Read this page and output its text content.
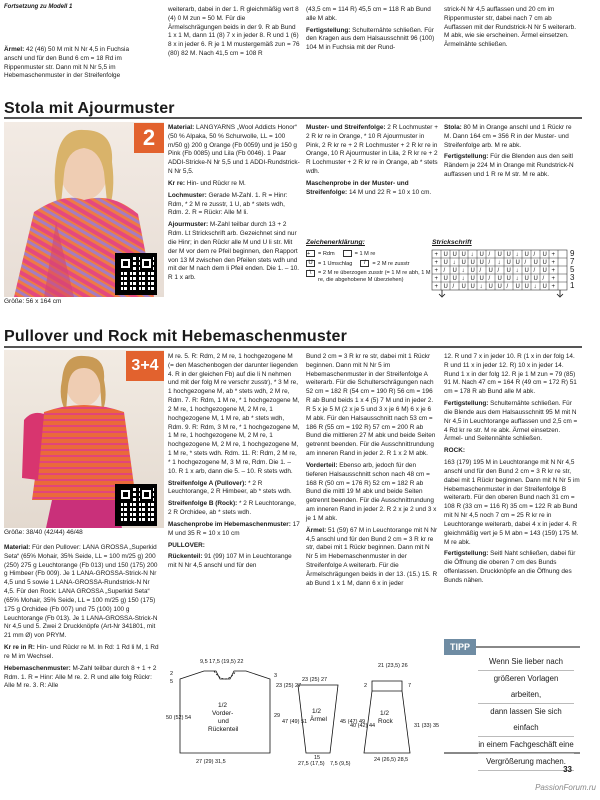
Fortsetzung zu Modell 1
Ärmel: 42 (46) 50 M mit N Nr 4,5 in Fuchsia anschl und für den Bund 6 cm = 18 Rd im Rippenmuster str. Dann mit N Nr 5,5 im Hebemaschenmuster in der Streifenfolge
weiterarb, dabei in der 1. R gleichmäßig vert 8 (4) 0 M zun = 50 M. Für die Ärmelschrägungen beids in der 9. R ab Bund 1 x 1 M, dann 11 (8) 7 x in jeder 8. R und 1 (6) 8 x in jeder 6. R je 1 M mustergemäß zun = 76 (80) 82 M. Nach 41,5 cm = 108 R
(43,5 cm = 114 R) 45,5 cm = 118 R ab Bund alle M abk.
Fertigstellung: Schulternähte schließen. Für den Kragen aus dem Halsausschnitt 96 (100) 104 M in Fuchsia mit der Rund-
strick-N Nr 4,5 auffassen und 20 cm im Rippenmuster str, dabei nach 7 cm ab Auffassen mit der Rundstrick-N Nr 5 weiterarb. M abk, wie sie erscheinen. Ärmel einsetzen. Ärmelnähte schließen.
Stola mit Ajourmuster
2
Größe: 56 x 164 cm
Material: LANGYARNS „Wool Addicts Honor“ (50 % Alpaka, 50 % Schurwolle, LL = 100 m/50 g) 200 g Orange (Fb 0059) und je 150 g Pink (Fb 0085) und Lila (Fb 0046). 1 Paar ADDI-Stricke-N Nr 5,5 und 1 ADDI-Rundstrick-N Nr 5,5.
Kr re: Hin- und Rückr re M.
Lochmuster: Gerade M-Zahl. 1. R = Hinr: Rdm, * 2 M re zusstr, 1 U, ab * stets wdh, Rdm. 2. R = Rückr: Alle M li.
Ajourmuster: M-Zahl teilbar durch 13 + 2 Rdm. Lt Strickschrift arb. Gezeichnet sind nur die Hinr; in den Rückr alle M und U li str. Mit der M vor dem re Pfeil beginnen, den Rapport von 13 M zwischen den Pfeilen stets wdh und mit der M nach dem li Pfeil enden. Die 1. – 10. R 1 x arb.
Muster- und Streifenfolge: 2 R Lochmuster + 2 R kr re in Orange, * 10 R Ajourmuster in Pink, 2 R kr re + 2 R Lochmuster + 2 R kr re in Orange, 10 R Ajourmuster in Lila, 2 R kr re + 2 R Lochmuster + 2 R kr re in Orange, ab * stets wdh.
Maschenprobe in der Muster- und Streifenfolge: 14 M und 22 R = 10 x 10 cm.
Stola: 80 M in Orange anschl und 1 Rückr re M. Dann 164 cm = 356 R in der Muster- und Streifenfolge arb. M re abk.
Fertigstellung: Für die Blenden aus den seitl Rändern je 224 M in Orange mit Rundstrick-N auffassen und 1 R re M str. M re abk.
Zeichenerklärung:
+ = Rdm	= 1 M re
U = 1 Umschlag	/ = 2 M re zusstr
\	= 2 M re überzogen zusstr (= 1 M re abh, 1 M re, die abgehobene M überziehen)
Strickschrift
+ U U U ↓ U / U U ↓ U / U +
+ U ↓ U U U / ↓ U U / U U +
+ / U ↓ U / U / U ↓ U / U +
+ U U ↓ U U / U U ↓ U U / +
+ U / U U ↓ U U / U U ↓ U +
9
7
5
3
1
Pullover und Rock mit Hebemaschenmuster
3+4
Größe: 38/40 (42/44) 46/48
Material: Für den Pullover: LANA GROSSA „Superkid Seta“ (65% Mohair, 35% Seide, LL = 100 m/25 g) 200 (250) 275 g Leuchtorange (Fb 013) und 150 (175) 200 g Himbeer (Fb 009). Je 1 LANA-GROSSA-Strick-N Nr 4,5 und 5 sowie 1 LANA-GROSSA-Rundstrick-N Nr 4,5. Für den Rock: LANA GROSSA „Superkid Seta“ (65% Mohair, 35% Seide, LL = 100 m/25 g) 150 (175) 175 g Orchidee (Fb 007) und 75 (100) 100 g Leuchtorange (Fb 013). Je 1 LANA-GROSSA-Strick-N Nr 4,5 und 5. Zwei 2 Druckknöpfe (Art-Nr 341801, mit 21 mm Ø) von PRYM.
Kr re in R: Hin- und Rückr re M. In Rd: 1 Rd li M, 1 Rd re M im Wechsel.
Hebemaschenmuster: M-Zahl teilbar durch 8 + 1 + 2 Rdm. 1. R = Hinr: Alle M re. 2. R und alle folg Rückr: Alle M re. 3. R: Alle
M re. 5. R: Rdm, 2 M re, 1 hochgezogene M (= den Maschenbogen der darunter liegenden 4. R in der gleichen Fb) auf die li N nehmen und mit der folg M re verschr zusstr), * 3 M re, 1 hochgezogene M, ab * stets wdh, 2 M re, Rdm. 7. R: Rdm, 1 M re, * 1 hochgezogene M, 2 M re, 1 hochgezogene M, 2 M re, 1 hochgezogene M, 1 M re, ab * stets wdh, Rdm. 9. R: Rdm, 3 M re, * 1 hochgezogene M, 1 M re, 1 hochgezogene M, 2 M re, 1 hochgezogene M, 2 M re, 1 hochgezogene M, 1 M re, * stets wdh. Rdm. 11. R: Rdm, 2 M re, * 1 hochgezogene M, 3 M re, Rdm. Die 1. – 10. R 1 x arb, dann die 5. – 10. R stets wdh.
Streifenfolge A (Pullover): * 2 R Leuchtorange, 2 R Himbeer, ab * stets wdh.
Streifenfolge B (Rock): * 2 R Leuchtorange, 2 R Orchidee, ab * stets wdh.
Maschenprobe im Hebemaschenmuster: 17 M und 35 R = 10 x 10 cm
PULLOVER:
Rückenteil: 91 (99) 107 M in Leuchtorange mit N Nr 4,5 anschl und für den
Bund 2 cm = 3 R kr re str, dabei mit 1 Rückr beginnen. Dann mit N Nr 5 im Hebemaschenmuster in der Streifenfolge A weiterarb. Für die Schulterschrägungen nach 52 cm = 182 R (54 cm = 190 R) 56 cm = 196 R ab Bund beids 1 x 4 (5) 7 M und in jeder 2. R 5 x je 5 M (2 x je 5 und 3 x je 6 M) 6 x je 6 M abk. Für den Halsausschnitt nach 53 cm = 186 R (55 cm = 192 R) 57 cm = 200 R ab Bund die mittleren 27 M abk und beide Seiten getrennt beenden. Für die Ausschnittrundung am inneren Rand in jeder 2. R 1 x 2 M abk.
Vorderteil: Ebenso arb, jedoch für den tieferen Halsausschnitt schon nach 48 cm = 168 R (50 cm = 176 R) 52 cm = 182 R ab Bund die mittl 19 M abk und beide Seiten getrennt beenden. Für die Ausschnittrundung am inneren Rand in jeder 2. R 2 x je 2 und 3 x je 1 M abk.
Ärmel: 51 (59) 67 M in Leuchtorange mit N Nr 4,5 anschl und für den Bund 2 cm = 3 R kr re str, dabei mit 1 Rückr beginnen. Dann mit N Nr 5 im Hebemaschenmuster in der Streifenfolge A weiterarb. Für die Ärmelschrägungen beids in der 13. (15.) 15. R ab Bund 1 x 1 M, dann 6 x in jeder
12. R und 7 x in jeder 10. R (1 x in der folg 14. R und 11 x in jeder 12. R) 10 x in jeder 14. Rund 1 x in der folg 12. R je 1 M zun = 79 (85) 91 M. Nach 47 cm = 164 R (49 cm = 172 R) 51 cm = 178 R ab Bund alle M abk.
Fertigstellung: Schulternähte schließen. Für die Blende aus dem Halsausschnitt 95 M mit N Nr 4,5 in Leuchtorange auffassen und 2,5 cm = 4 Rd kr re str. M re abk. Ärmel einsetzen. Ärmel- und Seitennähte schließen.
ROCK:
163 (179) 195 M in Leuchtorange mit N Nr 4,5 anschl und für den Bund 2 cm = 3 R kr re str, dabei mit 1 Rückr beginnen. Dann mit N Nr 5 im Hebemaschenmuster in der Streifenfolge B weiterarb. Für den oberen Bund nach 31 cm = 108 R (33 cm = 116 R) 35 cm = 122 R ab Bund mit N Nr 4,5 noch 7 cm = 25 R kr re in Leuchtorange weiterarb, dabei 4 x in jeder 4. R gleichmäßig vert je 5 M abn = 143 (159) 175 M. M re abk.
Fertigstellung: Seitl Naht schließen, dabei für die Öffnung die oberen 7 cm des Bunds offenlassen. Druckknöpfe an die Öffnung des Bunds nähen.
1/2
Vorder-
und
Rückenteil
9,5 17,5 (19,5) 22
50 (52) 54
2
5
29
23 (25) 27
27 (29) 31,5
3
1/2
Ärmel
23 (25) 27
47 (49) 51	45 (47) 49
15
27,5 (17,5) 7,5 (9,5)
1/2
Rock
21 (23,5) 26
2	7
40 (42) 44	31 (33) 35
24 (26,5) 28,5
TIPP
Wenn Sie lieber nach
größeren Vorlagen arbeiten,
dann lassen Sie sich einfach
in einem Fachgeschäft eine
Vergrößerung machen.
33
PassionForum.ru
